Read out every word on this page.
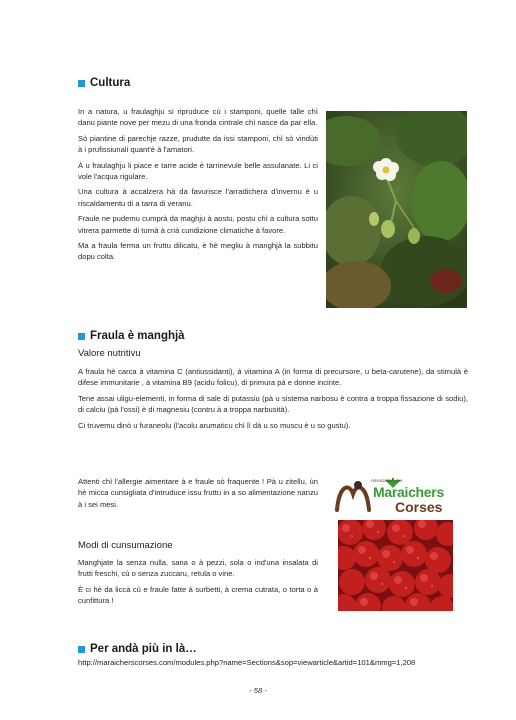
Cultura

In a natura, u fraulaghju si ripruduce cù i stamponi, quelle talle chì danu piante nove per mezu di una fronda cintrale chì nasce da par ella.

Sò piantine di parechje razze, prudutte da issi stamponi, chì sò vindùti à i prufissiunali quant'è à l'amatori.

À u fraulaghju li piace e tarre acide è tarrinevule belle assulanate. Li ci vole l'acqua rigulare.

Una cultura à accalzera hà da favurisce l'arradichera d'invernu è u riscaldamentu di a tarra di veranu.

Fraule ne pudemu cumprà da maghju à aostu, postu chì a cultura sottu vitrera parmette di turnà à crià cundizione climatiche à favore.

Ma a fraula ferma un fruttu dilicatu, è hè megliu à manghjà la subbitu dopu colta.

Fraula è manghjà
Valore nutritivu

A fraula hè carca à vitamina C (antiussidanti), à vitamina A (in forma di precursore, u beta-carutene), da stimulà è difese immunitarie , à vitamina B9 (acidu folicu), di primura pà e donne incinte.

Tene assai uligu-elementi, in forma di sale di putassiu (pà u sistema narbosu è contra a troppa fissazione di sodiu), di calciu (pà l'ossi) è di magnesiu (contru à a troppa narbusità).

Ci truvemu dinò u furaneolu (l'acolu arumaticu chì lì dà u so muscu è u so gustu).

Attenti chì l'allergie aimentare à e fraule sò fraquente ! Pà u zitellu, ùn hè micca cunsigliata d'intruduce issu fruttu in a so alimentazione nanzu à i sei mesi.

Modi di cunsumazione

Manghjate la senza nulla, sana o à pezzi, sola o ind'una insalata di frutti freschi, cù o senza zuccaru, retula o vine.

È ci hè da liccà cù e fraule fatte à surbetti, à crema cutrata, o torta o à cunfittura !

Association des
Maraichers
Corses
Per andà più in là…
http://maraicherscorses.com/modules.php?name=Sections&sop=viewarticle&artid=101&mmg=1,208
- 58 -
